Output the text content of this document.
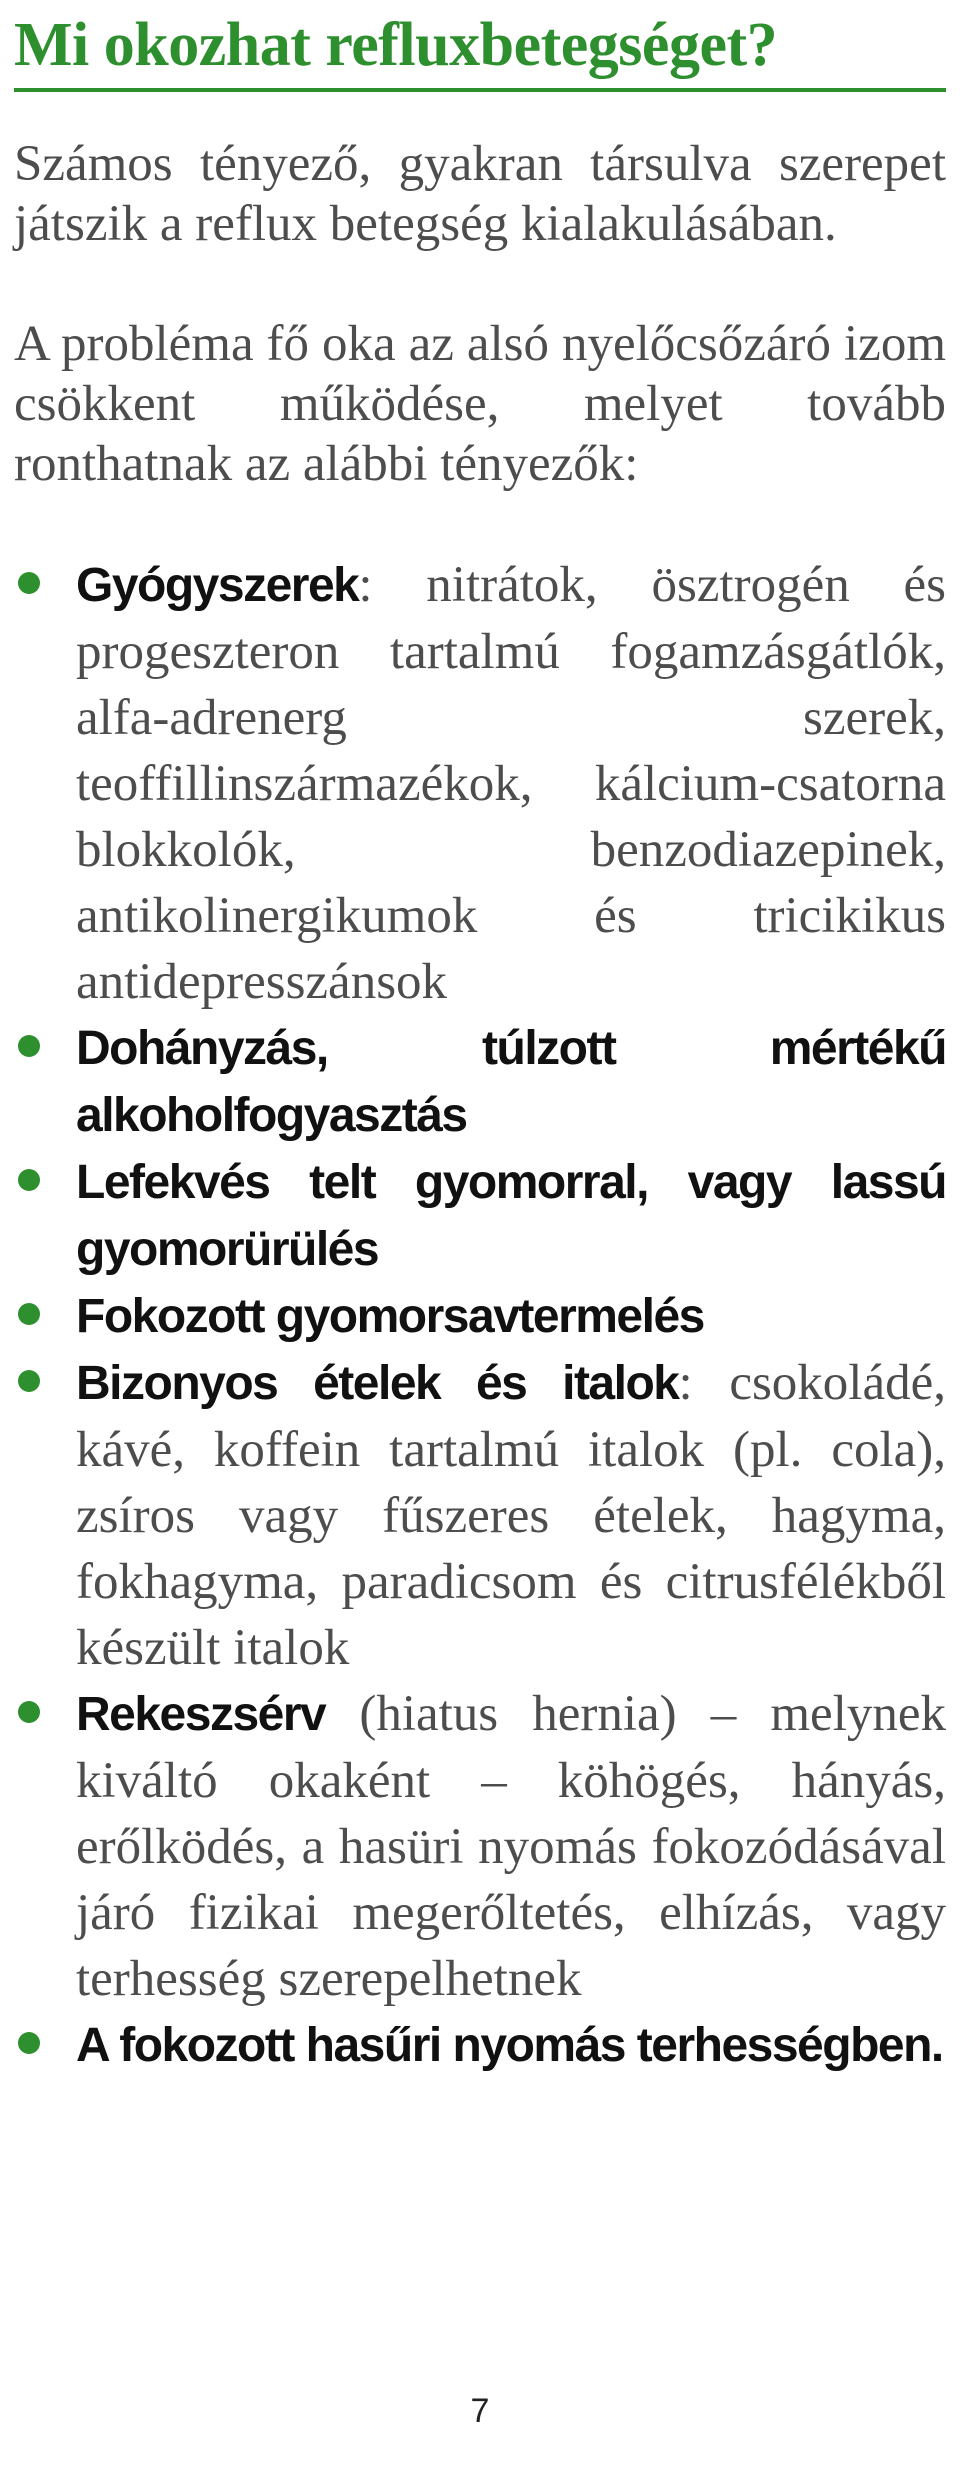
Mi okozhat refluxbetegséget?

Számos tényező, gyakran társulva szerepet játszik a reflux betegség kialakulásában.

A probléma fő oka az alsó nyelőcsőzáró izom csökkent működése, melyet tovább ronthatnak az alábbi tényezők:

Gyógyszerek: nitrátok, ösztrogén és progeszteron tartalmú fogamzásgátlók, alfa-adrenerg szerek, teoffillinszármazékok, kálcium-csatorna blokkolók, benzodiazepinek, antikolinergikumok és tricikikus antidepresszánsok
Dohányzás, túlzott mértékű alkoholfogyasztás
Lefekvés telt gyomorral, vagy lassú gyomorürülés
Fokozott gyomorsavtermelés
Bizonyos ételek és italok: csokoládé, kávé, koffein tartalmú italok (pl. cola), zsíros vagy fűszeres ételek, hagyma, fokhagyma, paradicsom és citrusfélékből készült italok
Rekeszsérv (hiatus hernia) – melynek kiváltó okaként – köhögés, hányás, erőlködés, a hasüri nyomás fokozódásával járó fizikai megerőltetés, elhízás, vagy terhesség szerepelhetnek
A fokozott hasűri nyomás terhességben.
7
